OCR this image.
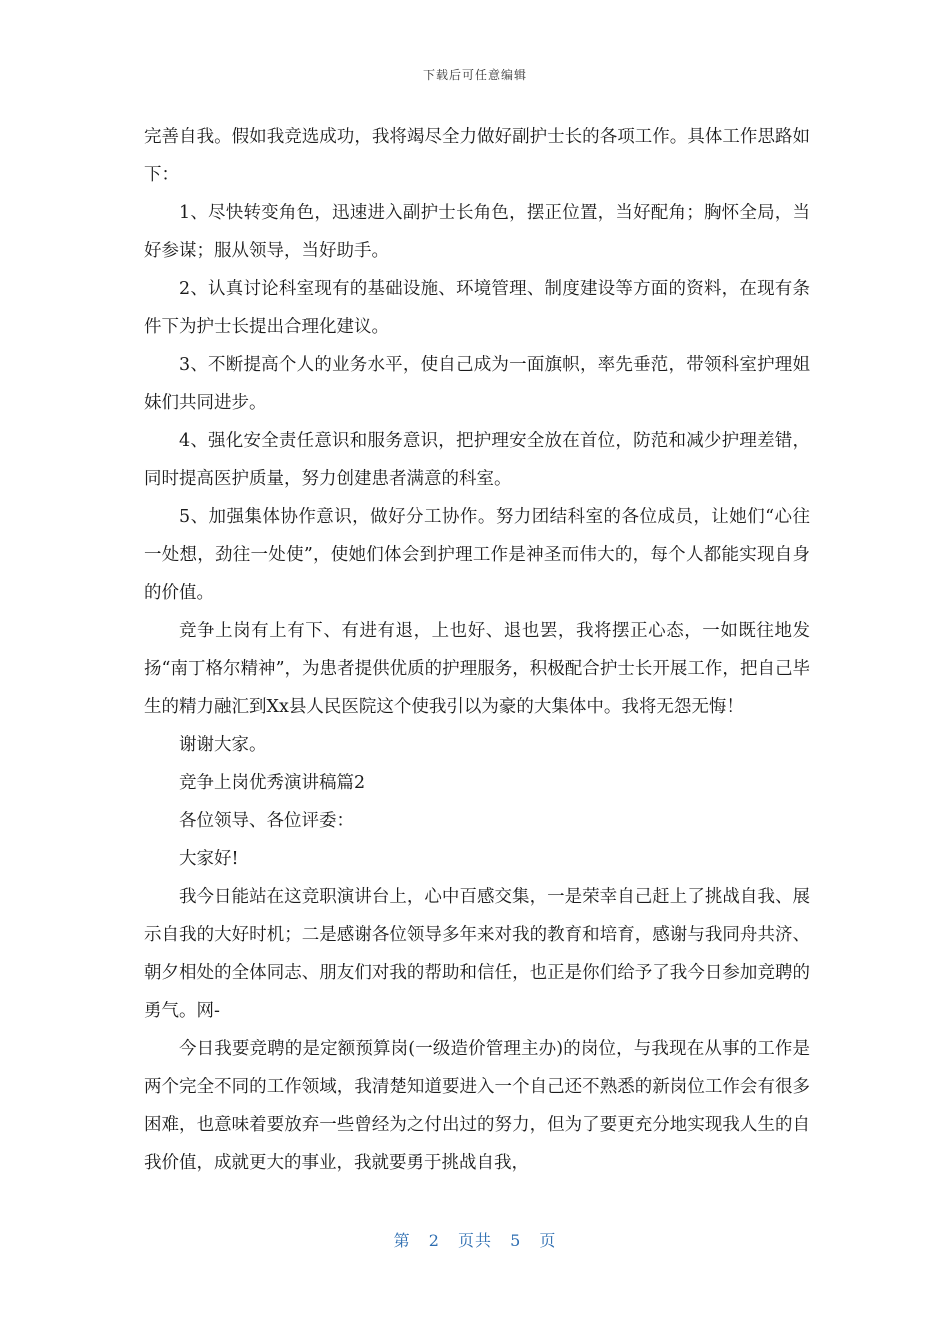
下载后可任意编辑

完善自我。假如我竞选成功，我将竭尽全力做好副护士长的各项工作。具体工作思路如下：

1、尽快转变角色，迅速进入副护士长角色，摆正位置，当好配角；胸怀全局，当好参谋；服从领导，当好助手。

2、认真讨论科室现有的基础设施、环境管理、制度建设等方面的资料，在现有条件下为护士长提出合理化建议。

3、不断提高个人的业务水平，使自己成为一面旗帜，率先垂范，带领科室护理姐妹们共同进步。

4、强化安全责任意识和服务意识，把护理安全放在首位，防范和减少护理差错，同时提高医护质量，努力创建患者满意的科室。

5、加强集体协作意识，做好分工协作。努力团结科室的各位成员，让她们“心往一处想，劲往一处使”，使她们体会到护理工作是神圣而伟大的，每个人都能实现自身的价值。

竞争上岗有上有下、有进有退，上也好、退也罢，我将摆正心态，一如既往地发扬“南丁格尔精神”，为患者提供优质的护理服务，积极配合护士长开展工作，把自己毕生的精力融汇到Xx县人民医院这个使我引以为豪的大集体中。我将无怨无悔！

谢谢大家。

竞争上岗优秀演讲稿篇2

各位领导、各位评委：

大家好!

我今日能站在这竞职演讲台上，心中百感交集，一是荣幸自己赶上了挑战自我、展示自我的大好时机；二是感谢各位领导多年来对我的教育和培育，感谢与我同舟共济、朝夕相处的全体同志、朋友们对我的帮助和信任，也正是你们给予了我今日参加竞聘的勇气。网-

今日我要竞聘的是定额预算岗(一级造价管理主办)的岗位，与我现在从事的工作是两个完全不同的工作领域，我清楚知道要进入一个自己还不熟悉的新岗位工作会有很多困难，也意味着要放弃一些曾经为之付出过的努力，但为了要更充分地实现我人生的自我价值，成就更大的事业，我就要勇于挑战自我，

第 2 页共 5 页
